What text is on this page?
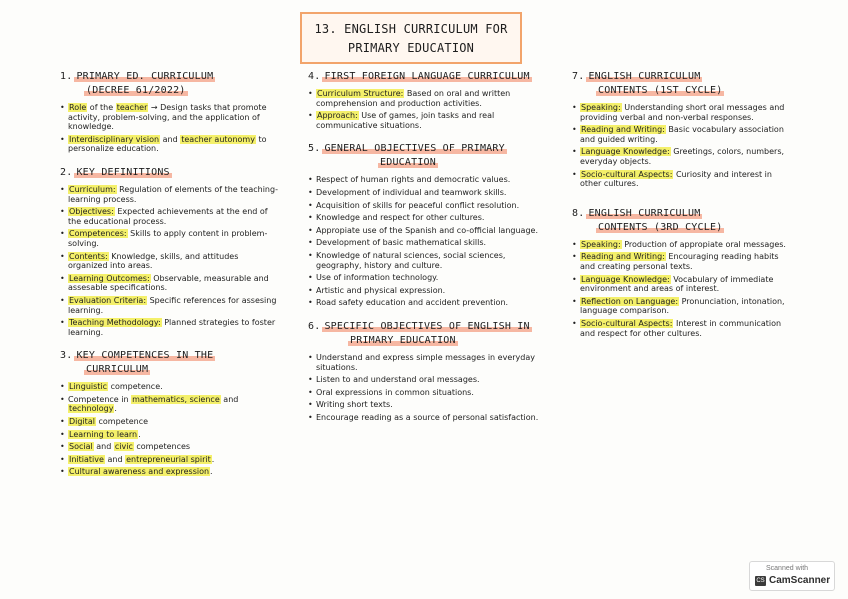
13. ENGLISH CURRICULUM FOR
PRIMARY EDUCATION
1. PRIMARY ED. CURRICULUM
(DECREE 61/2022)
• Role of the teacher → Design tasks that promote activity, problem-solving, and the application of knowledge.
• Interdisciplinary vision and teacher autonomy to personalize education.
2. KEY DEFINITIONS
• Curriculum: Regulation of elements of the teaching-learning process.
• Objectives: Expected achievements at the end of the educational process.
• Competences: Skills to apply content in problem-solving.
• Contents: Knowledge, skills, and attitudes organized into areas.
• Learning Outcomes: Observable, measurable and assesable specifications.
• Evaluation Criteria: Specific references for assesing learning.
• Teaching Methodology: Planned strategies to foster learning.
3. KEY COMPETENCES IN THE
CURRICULUM
• Linguistic competence.
• Competence in mathematics, science and technology.
• Digital competence
• Learning to learn.
• Social and civic competences
• Initiative and entrepreneurial spirit.
• Cultural awareness and expression.
4. FIRST FOREIGN LANGUAGE CURRICULUM
• Curriculum Structure: Based on oral and written comprehension and production activities.
• Approach: Use of games, join tasks and real communicative situations.
5. GENERAL OBJECTIVES OF PRIMARY
EDUCATION
• Respect of human rights and democratic values.
• Development of individual and teamwork skills.
• Acquisition of skills for peaceful conflict resolution.
• Knowledge and respect for other cultures.
• Appropiate use of the Spanish and co-official language.
• Development of basic mathematical skills.
• Knowledge of natural sciences, social sciences, geography, history and culture.
• Use of information technology.
• Artistic and physical expression.
• Road safety education and accident prevention.
6. SPECIFIC OBJECTIVES OF ENGLISH IN
PRIMARY EDUCATION
• Understand and express simple messages in everyday situations.
• Listen to and understand oral messages.
• Oral expressions in common situations.
• Writing short texts.
• Encourage reading as a source of personal satisfaction.
7. ENGLISH CURRICULUM
CONTENTS (1ST CYCLE)
• Speaking: Understanding short oral messages and providing verbal and non-verbal responses.
• Reading and Writing: Basic vocabulary association and guided writing.
• Language Knowledge: Greetings, colors, numbers, everyday objects.
• Socio-cultural Aspects: Curiosity and interest in other cultures.
8. ENGLISH CURRICULUM
CONTENTS (3RD CYCLE)
• Speaking: Production of appropiate oral messages.
• Reading and Writing: Encouraging reading habits and creating personal texts.
• Language Knowledge: Vocabulary of immediate environment and areas of interest.
• Reflection on Language: Pronunciation, intonation, language comparison.
• Socio-cultural Aspects: Interest in communication and respect for other cultures.
Scanned with
CS CamScanner
